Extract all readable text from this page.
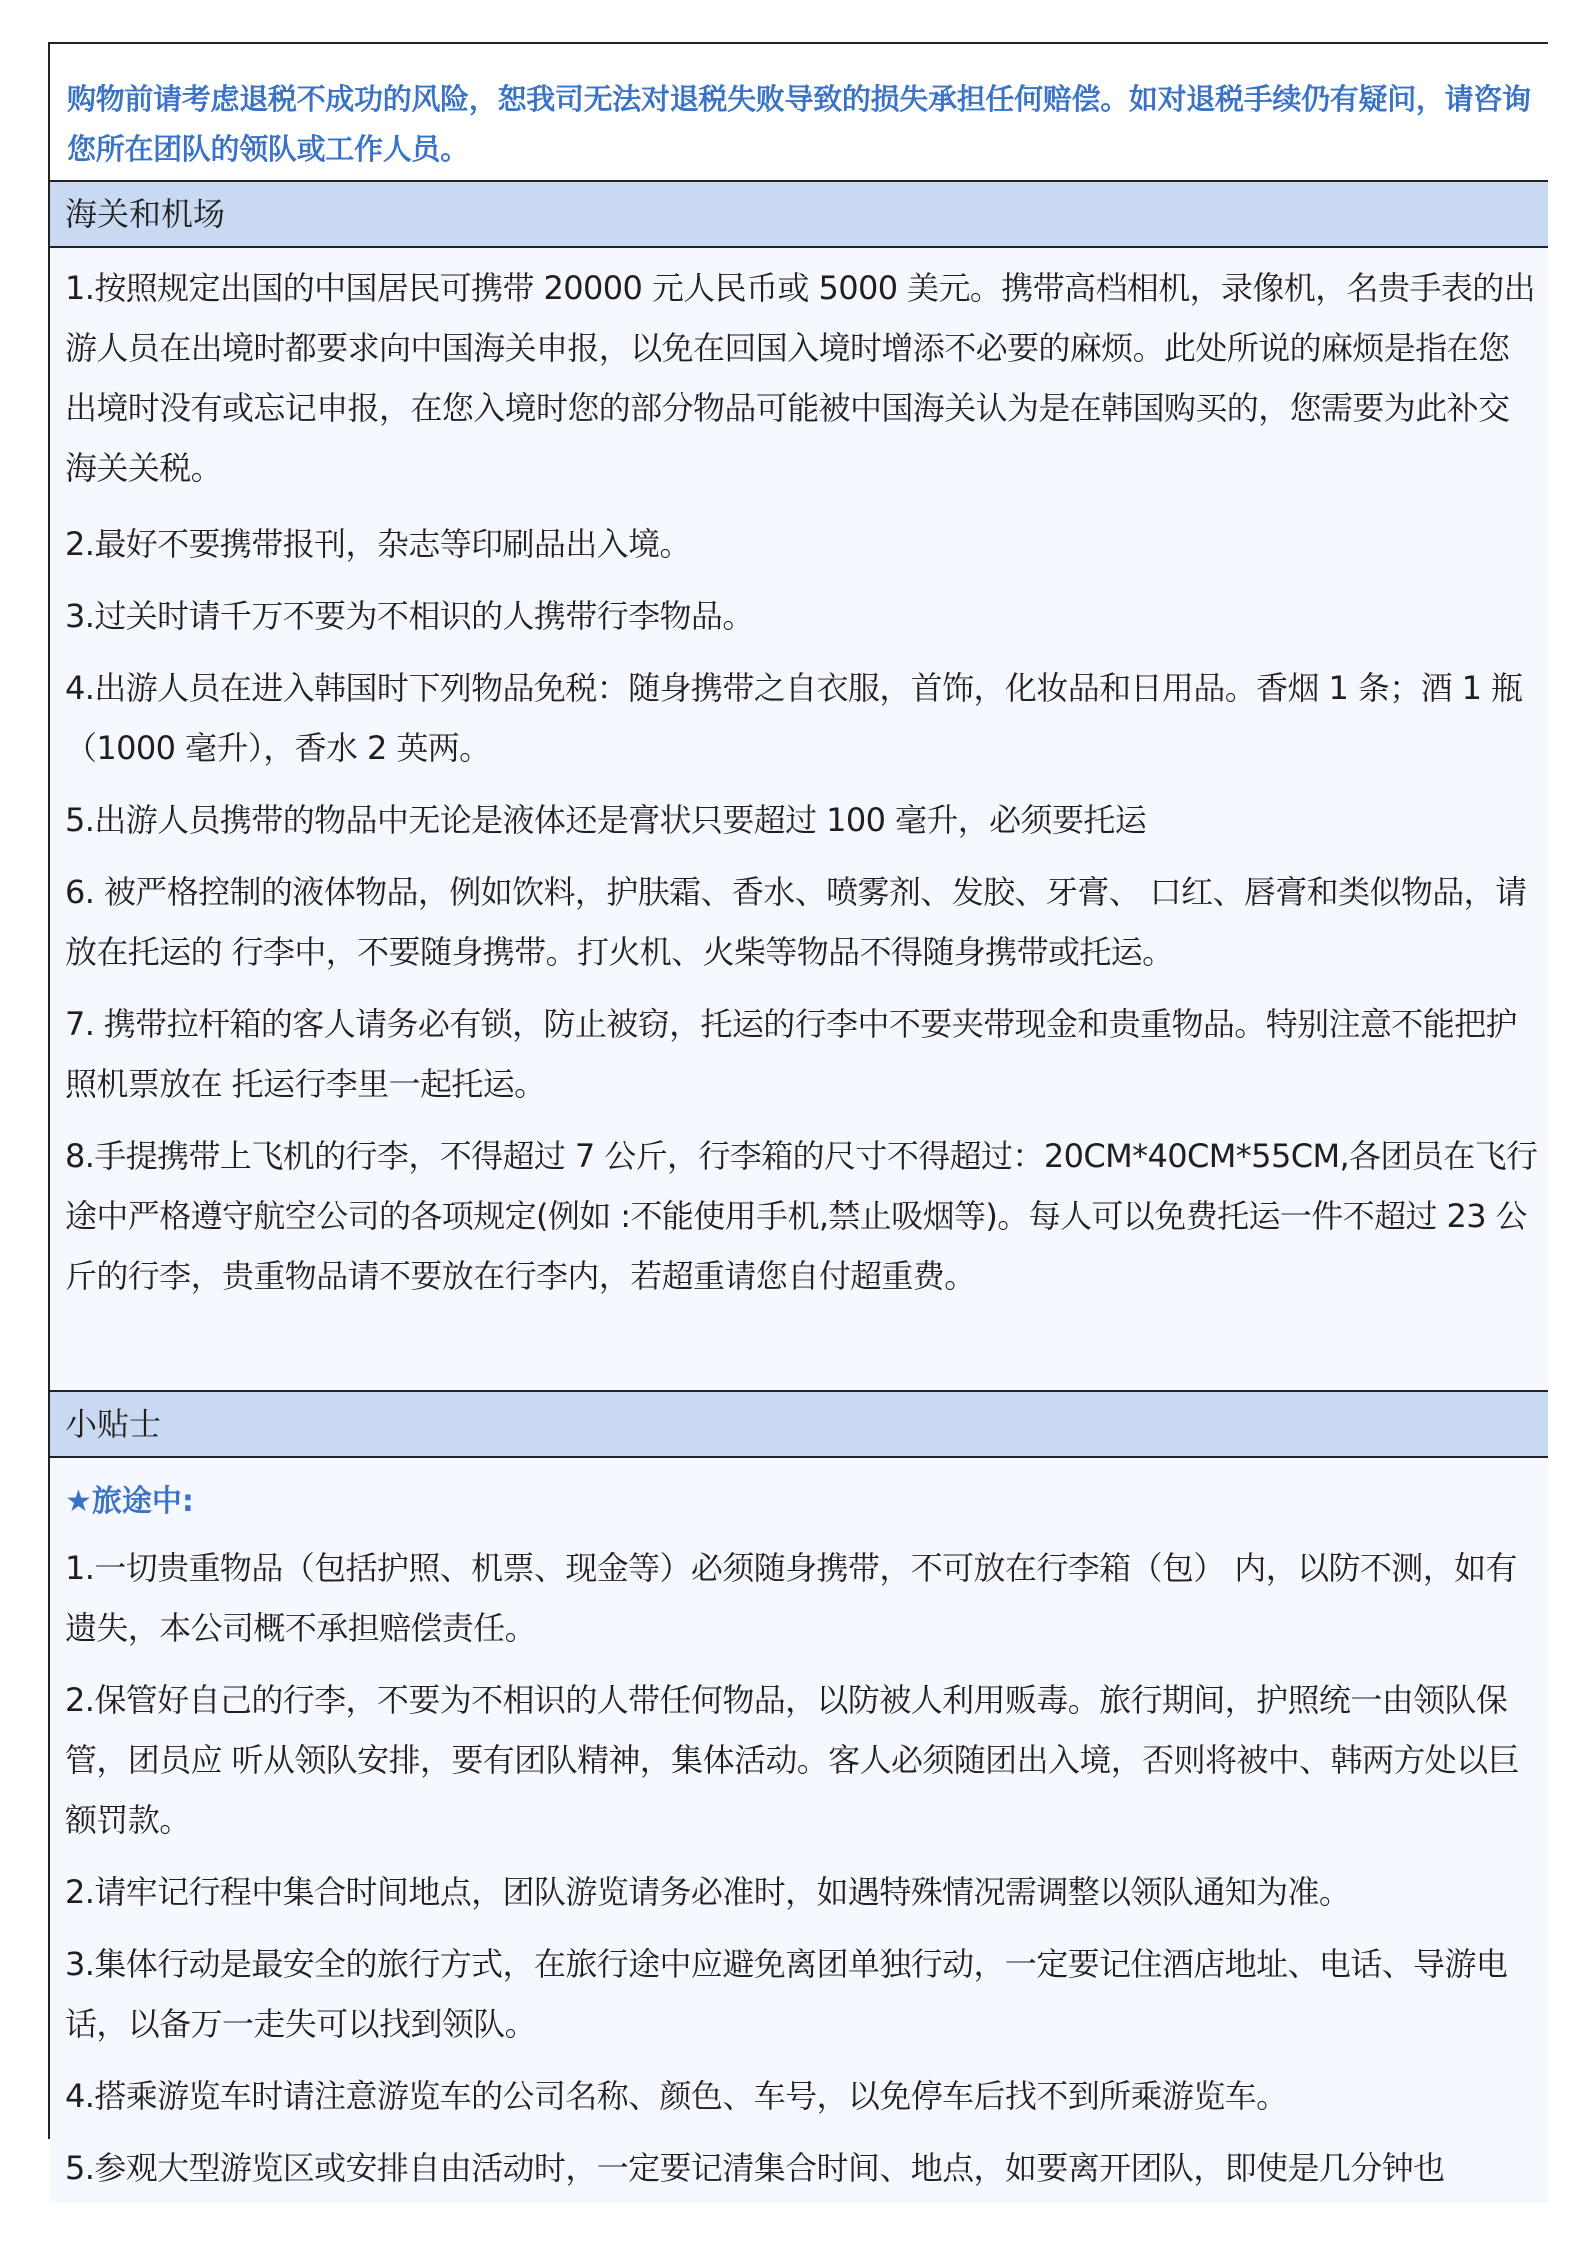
购物前请考虑退税不成功的风险，恕我司无法对退税失败导致的损失承担任何赔偿。如对退税手续仍有疑问，请咨询您所在团队的领队或工作人员。
海关和机场

1.按照规定出国的中国居民可携带 20000 元人民币或 5000 美元。携带高档相机，录像机，名贵手表的出游人员在出境时都要求向中国海关申报，以免在回国入境时增添不必要的麻烦。此处所说的麻烦是指在您出境时没有或忘记申报，在您入境时您的部分物品可能被中国海关认为是在韩国购买的，您需要为此补交海关关税。

2.最好不要携带报刊，杂志等印刷品出入境。

3.过关时请千万不要为不相识的人携带行李物品。

4.出游人员在进入韩国时下列物品免税：随身携带之自衣服，首饰，化妆品和日用品。香烟 1 条；酒 1 瓶（1000 毫升），香水 2 英两。

5.出游人员携带的物品中无论是液体还是膏状只要超过 100 毫升，必须要托运

6. 被严格控制的液体物品，例如饮料，护肤霜、香水、喷雾剂、发胶、牙膏、 口红、唇膏和类似物品，请放在托运的 行李中，不要随身携带。打火机、火柴等物品不得随身携带或托运。

7. 携带拉杆箱的客人请务必有锁，防止被窃，托运的行李中不要夹带现金和贵重物品。特别注意不能把护照机票放在 托运行李里一起托运。

8.手提携带上飞机的行李，不得超过 7 公斤，行李箱的尺寸不得超过：20CM*40CM*55CM,各团员在飞行途中严格遵守航空公司的各项规定(例如 :不能使用手机,禁止吸烟等)。每人可以免费托运一件不超过 23 公斤的行李，贵重物品请不要放在行李内，若超重请您自付超重费。

小贴士

★旅途中:

1.一切贵重物品（包括护照、机票、现金等）必须随身携带，不可放在行李箱（包） 内，以防不测，如有 遗失，本公司概不承担赔偿责任。

2.保管好自己的行李，不要为不相识的人带任何物品，以防被人利用贩毒。旅行期间，护照统一由领队保管，团员应 听从领队安排，要有团队精神，集体活动。客人必须随团出入境，否则将被中、韩两方处以巨额罚款。

2.请牢记行程中集合时间地点，团队游览请务必准时，如遇特殊情况需调整以领队通知为准。

3.集体行动是最安全的旅行方式，在旅行途中应避免离团单独行动，一定要记住酒店地址、电话、导游电话，以备万一走失可以找到领队。

4.搭乘游览车时请注意游览车的公司名称、颜色、车号，以免停车后找不到所乘游览车。

5.参观大型游览区或安排自由活动时，一定要记清集合时间、地点，如要离开团队，即使是几分钟也
